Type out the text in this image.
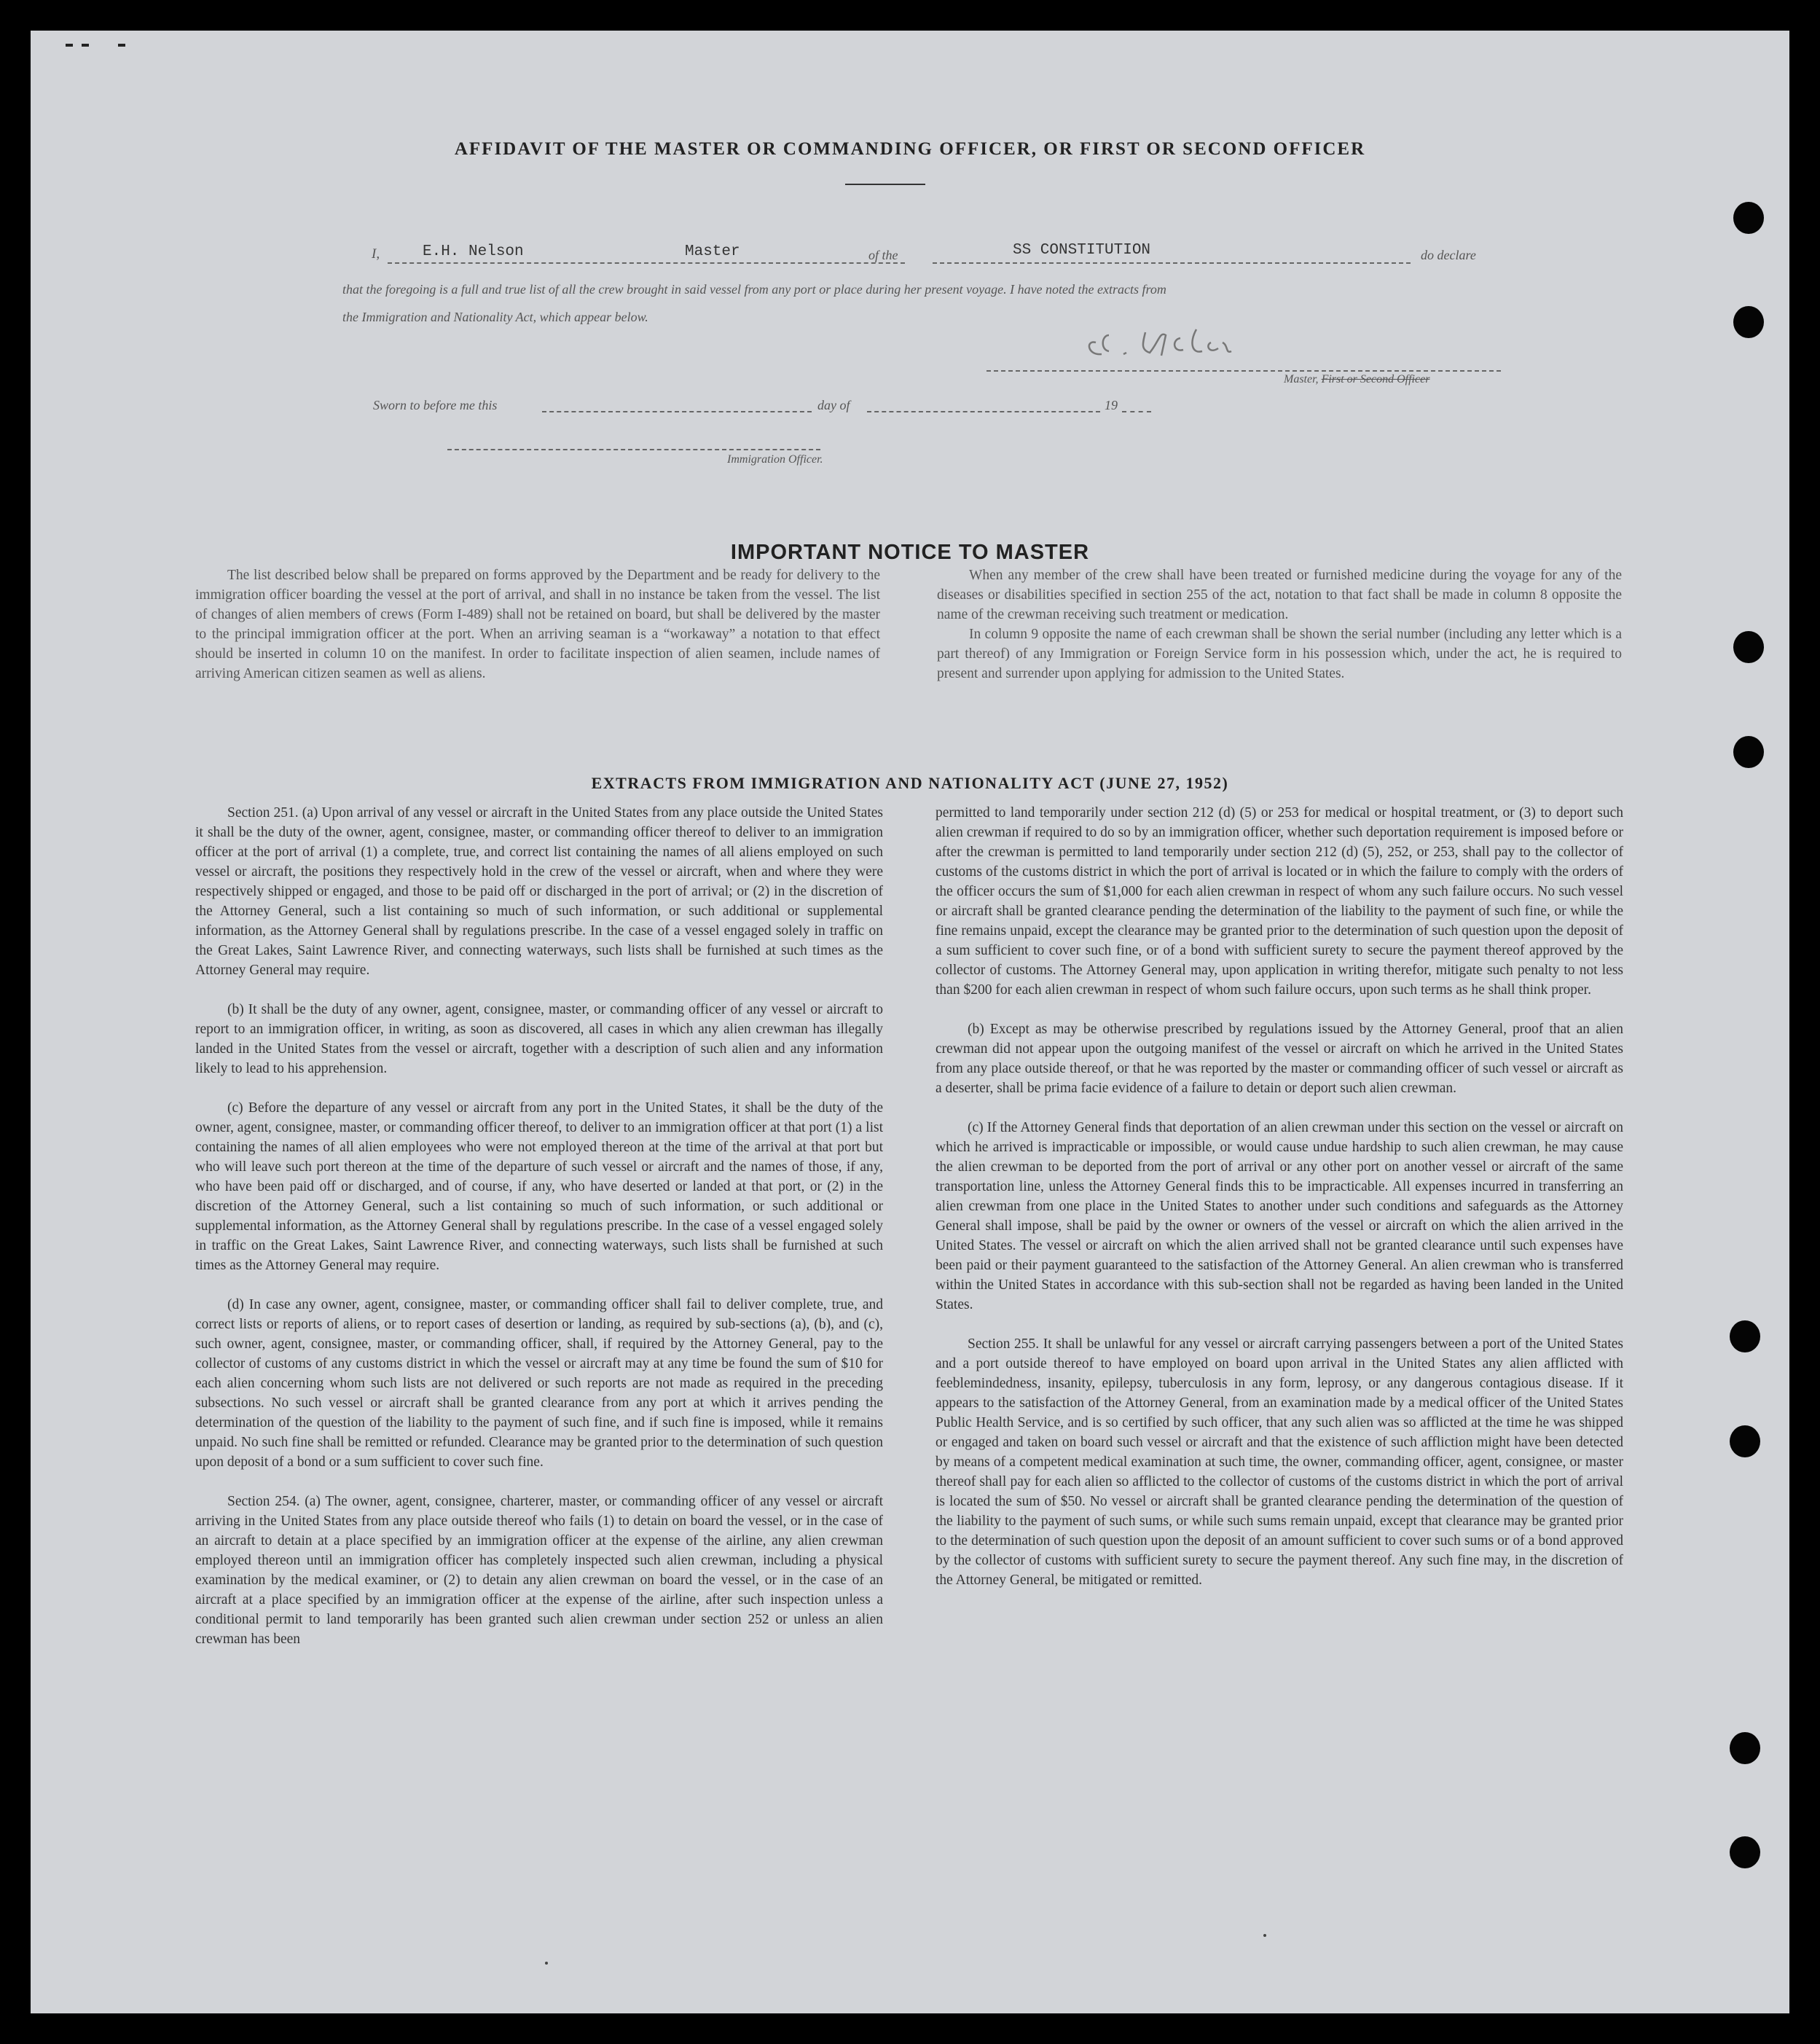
AFFIDAVIT OF THE MASTER OR COMMANDING OFFICER, OR FIRST OR SECOND OFFICER
I,	E.H. Nelson	Master	of the	SS CONSTITUTION	do declare
that the foregoing is a full and true list of all the crew brought in said vessel from any port or place during her present voyage. I have noted the extracts from
the Immigration and Nationality Act, which appear below.
Master, First or Second Officer
Sworn to before me this	day of	19
Immigration Officer.
IMPORTANT NOTICE TO MASTER

The list described below shall be prepared on forms approved by the Department and be ready for delivery to the immigration officer boarding the vessel at the port of arrival, and shall in no instance be taken from the vessel. The list of changes of alien members of crews (Form I-489) shall not be retained on board, but shall be delivered by the master to the principal immigration officer at the port. When an arriving seaman is a “workaway” a notation to that effect should be inserted in column 10 on the manifest. In order to facilitate inspection of alien seamen, include names of arriving American citizen seamen as well as aliens.

When any member of the crew shall have been treated or furnished medicine during the voyage for any of the diseases or disabilities specified in section 255 of the act, notation to that fact shall be made in column 8 opposite the name of the crewman receiving such treatment or medication.

In column 9 opposite the name of each crewman shall be shown the serial number (including any letter which is a part thereof) of any Immigration or Foreign Service form in his possession which, under the act, he is required to present and surrender upon applying for admission to the United States.

EXTRACTS FROM IMMIGRATION AND NATIONALITY ACT (JUNE 27, 1952)

Section 251. (a) Upon arrival of any vessel or aircraft in the United States from any place outside the United States it shall be the duty of the owner, agent, consignee, master, or commanding officer thereof to deliver to an immigration officer at the port of arrival (1) a complete, true, and correct list containing the names of all aliens employed on such vessel or aircraft, the positions they respectively hold in the crew of the vessel or aircraft, when and where they were respectively shipped or engaged, and those to be paid off or discharged in the port of arrival; or (2) in the discretion of the Attorney General, such a list containing so much of such information, or such additional or supplemental information, as the Attorney General shall by regulations prescribe. In the case of a vessel engaged solely in traffic on the Great Lakes, Saint Lawrence River, and connecting waterways, such lists shall be furnished at such times as the Attorney General may require.

(b) It shall be the duty of any owner, agent, consignee, master, or commanding officer of any vessel or aircraft to report to an immigration officer, in writing, as soon as discovered, all cases in which any alien crewman has illegally landed in the United States from the vessel or aircraft, together with a description of such alien and any information likely to lead to his apprehension.

(c) Before the departure of any vessel or aircraft from any port in the United States, it shall be the duty of the owner, agent, consignee, master, or commanding officer thereof, to deliver to an immigration officer at that port (1) a list containing the names of all alien employees who were not employed thereon at the time of the arrival at that port but who will leave such port thereon at the time of the departure of such vessel or aircraft and the names of those, if any, who have been paid off or discharged, and of course, if any, who have deserted or landed at that port, or (2) in the discretion of the Attorney General, such a list containing so much of such information, or such additional or supplemental information, as the Attorney General shall by regulations prescribe. In the case of a vessel engaged solely in traffic on the Great Lakes, Saint Lawrence River, and connecting waterways, such lists shall be furnished at such times as the Attorney General may require.

(d) In case any owner, agent, consignee, master, or commanding officer shall fail to deliver complete, true, and correct lists or reports of aliens, or to report cases of desertion or landing, as required by sub-sections (a), (b), and (c), such owner, agent, consignee, master, or commanding officer, shall, if required by the Attorney General, pay to the collector of customs of any customs district in which the vessel or aircraft may at any time be found the sum of $10 for each alien concerning whom such lists are not delivered or such reports are not made as required in the preceding subsections. No such vessel or aircraft shall be granted clearance from any port at which it arrives pending the determination of the question of the liability to the payment of such fine, and if such fine is imposed, while it remains unpaid. No such fine shall be remitted or refunded. Clearance may be granted prior to the determination of such question upon deposit of a bond or a sum sufficient to cover such fine.

Section 254. (a) The owner, agent, consignee, charterer, master, or commanding officer of any vessel or aircraft arriving in the United States from any place outside thereof who fails (1) to detain on board the vessel, or in the case of an aircraft to detain at a place specified by an immigration officer at the expense of the airline, any alien crewman employed thereon until an immigration officer has completely inspected such alien crewman, including a physical examination by the medical examiner, or (2) to detain any alien crewman on board the vessel, or in the case of an aircraft at a place specified by an immigration officer at the expense of the airline, after such inspection unless a conditional permit to land temporarily has been granted such alien crewman under section 252 or unless an alien crewman has been

permitted to land temporarily under section 212 (d) (5) or 253 for medical or hospital treatment, or (3) to deport such alien crewman if required to do so by an immigration officer, whether such deportation requirement is imposed before or after the crewman is permitted to land temporarily under section 212 (d) (5), 252, or 253, shall pay to the collector of customs of the customs district in which the port of arrival is located or in which the failure to comply with the orders of the officer occurs the sum of $1,000 for each alien crewman in respect of whom any such failure occurs. No such vessel or aircraft shall be granted clearance pending the determination of the liability to the payment of such fine, or while the fine remains unpaid, except the clearance may be granted prior to the determination of such question upon the deposit of a sum sufficient to cover such fine, or of a bond with sufficient surety to secure the payment thereof approved by the collector of customs. The Attorney General may, upon application in writing therefor, mitigate such penalty to not less than $200 for each alien crewman in respect of whom such failure occurs, upon such terms as he shall think proper.

(b) Except as may be otherwise prescribed by regulations issued by the Attorney General, proof that an alien crewman did not appear upon the outgoing manifest of the vessel or aircraft on which he arrived in the United States from any place outside thereof, or that he was reported by the master or commanding officer of such vessel or aircraft as a deserter, shall be prima facie evidence of a failure to detain or deport such alien crewman.

(c) If the Attorney General finds that deportation of an alien crewman under this section on the vessel or aircraft on which he arrived is impracticable or impossible, or would cause undue hardship to such alien crewman, he may cause the alien crewman to be deported from the port of arrival or any other port on another vessel or aircraft of the same transportation line, unless the Attorney General finds this to be impracticable. All expenses incurred in transferring an alien crewman from one place in the United States to another under such conditions and safeguards as the Attorney General shall impose, shall be paid by the owner or owners of the vessel or aircraft on which the alien arrived in the United States. The vessel or aircraft on which the alien arrived shall not be granted clearance until such expenses have been paid or their payment guaranteed to the satisfaction of the Attorney General. An alien crewman who is transferred within the United States in accordance with this sub-section shall not be regarded as having been landed in the United States.

Section 255. It shall be unlawful for any vessel or aircraft carrying passengers between a port of the United States and a port outside thereof to have employed on board upon arrival in the United States any alien afflicted with feeblemindedness, insanity, epilepsy, tuberculosis in any form, leprosy, or any dangerous contagious disease. If it appears to the satisfaction of the Attorney General, from an examination made by a medical officer of the United States Public Health Service, and is so certified by such officer, that any such alien was so afflicted at the time he was shipped or engaged and taken on board such vessel or aircraft and that the existence of such affliction might have been detected by means of a competent medical examination at such time, the owner, commanding officer, agent, consignee, or master thereof shall pay for each alien so afflicted to the collector of customs of the customs district in which the port of arrival is located the sum of $50. No vessel or aircraft shall be granted clearance pending the determination of the question of the liability to the payment of such sums, or while such sums remain unpaid, except that clearance may be granted prior to the determination of such question upon the deposit of an amount sufficient to cover such sums or of a bond approved by the collector of customs with sufficient surety to secure the payment thereof. Any such fine may, in the discretion of the Attorney General, be mitigated or remitted.
